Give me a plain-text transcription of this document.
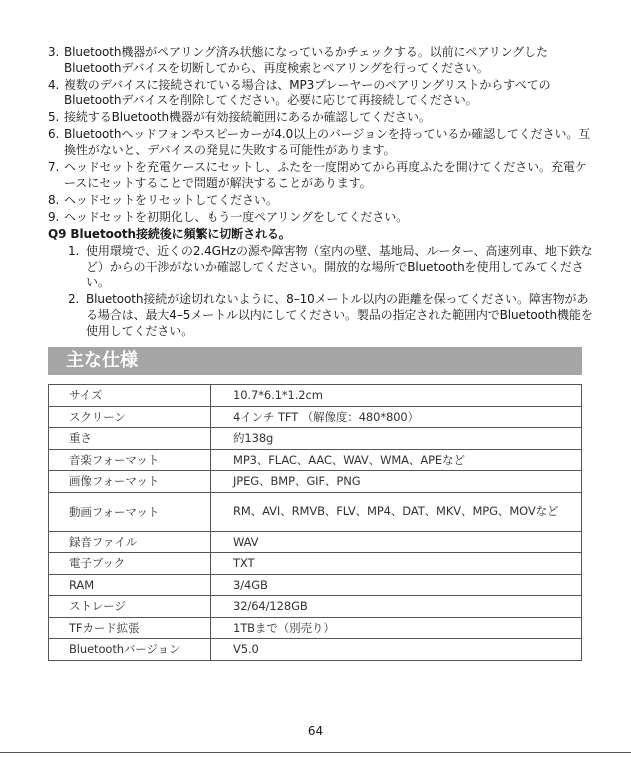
3. Bluetooth機器がペアリング済み状態になっているかチェックする。以前にペアリングしたBluetoothデバイスを切断してから、再度検索とペアリングを行ってください。
4. 複数のデバイスに接続されている場合は、MP3プレーヤーのペアリングリストからすべてのBluetoothデバイスを削除してください。必要に応じて再接続してください。
5. 接続するBluetooth機器が有効接続範囲にあるか確認してください。
6. Bluetoothヘッドフォンやスピーカーが4.0以上のバージョンを持っているか確認してください。互換性がないと、デバイスの発見に失敗する可能性があります。
7. ヘッドセットを充電ケースにセットし、ふたを一度閉めてから再度ふたを開けてください。充電ケースにセットすることで問題が解決することがあります。
8. ヘッドセットをリセットしてください。
9. ヘッドセットを初期化し、もう一度ペアリングをしてください。
Q9 Bluetooth接続後に頻繁に切断される。
1. 使用環境で、近くの2.4GHzの源や障害物（室内の壁、基地局、ルーター、高速列車、地下鉄など）からの干渉がないか確認してください。開放的な場所でBluetoothを使用してみてください。
2. Bluetooth接続が途切れないように、8–10メートル以内の距離を保ってください。障害物がある場合は、最大4–5メートル以内にしてください。製品の指定された範囲内でBluetooth機能を使用してください。
主な仕様
サイズ	10.7*6.1*1.2cm
スクリーン	4インチ TFT （解像度：480*800）
重さ	約138g
音楽フォーマット	MP3、FLAC、AAC、WAV、WMA、APEなど
画像フォーマット	JPEG、BMP、GIF、PNG
動画フォーマット	RM、AVI、RMVB、FLV、MP4、DAT、MKV、MPG、MOVなど
録音ファイル	WAV
電子ブック	TXT
RAM	3/4GB
ストレージ	32/64/128GB
TFカード拡張	1TBまで（別売り）
Bluetoothバージョン	V5.0
64
